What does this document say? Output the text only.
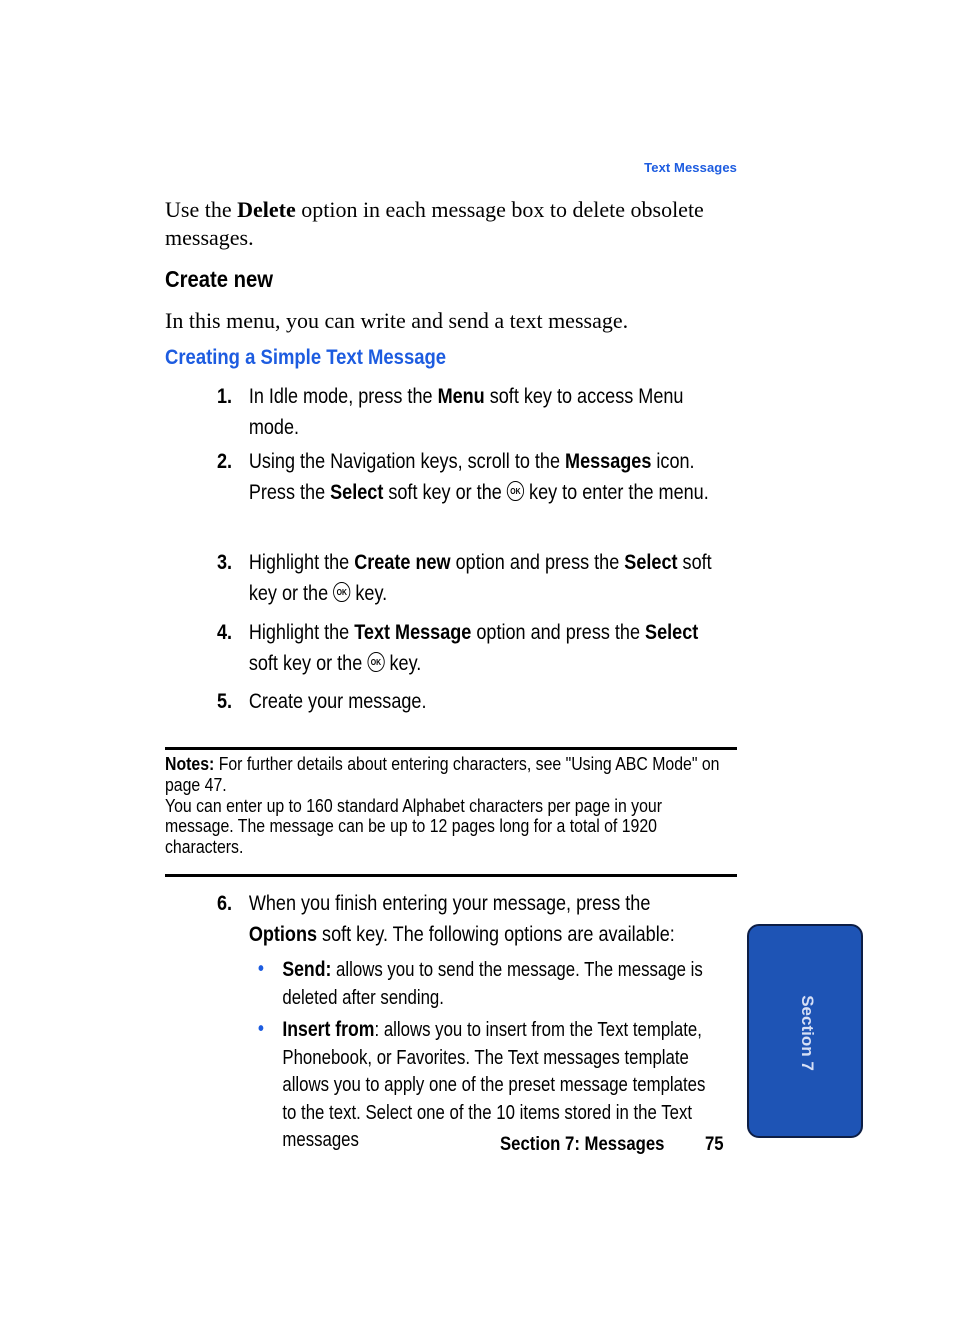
Text Messages
Use the Delete option in each message box to delete obsolete messages.
Create new
In this menu, you can write and send a text message.
Creating a Simple Text Message
1. In Idle mode, press the Menu soft key to access Menu mode.
2. Using the Navigation keys, scroll to the Messages icon. Press the Select soft key or the OK key to enter the menu.
3. Highlight the Create new option and press the Select soft key or the OK key.
4. Highlight the Text Message option and press the Select soft key or the OK key.
5. Create your message.
Notes: For further details about entering characters, see "Using ABC Mode" on page 47.
You can enter up to 160 standard Alphabet characters per page in your message. The message can be up to 12 pages long for a total of 1920 characters.
6. When you finish entering your message, press the Options soft key. The following options are available:
• Send: allows you to send the message. The message is deleted after sending.
• Insert from: allows you to insert from the Text template, Phonebook, or Favorites. The Text messages template allows you to apply one of the preset message templates to the text. Select one of the 10 items stored in the Text messages
Section 7
Section 7: Messages 75
